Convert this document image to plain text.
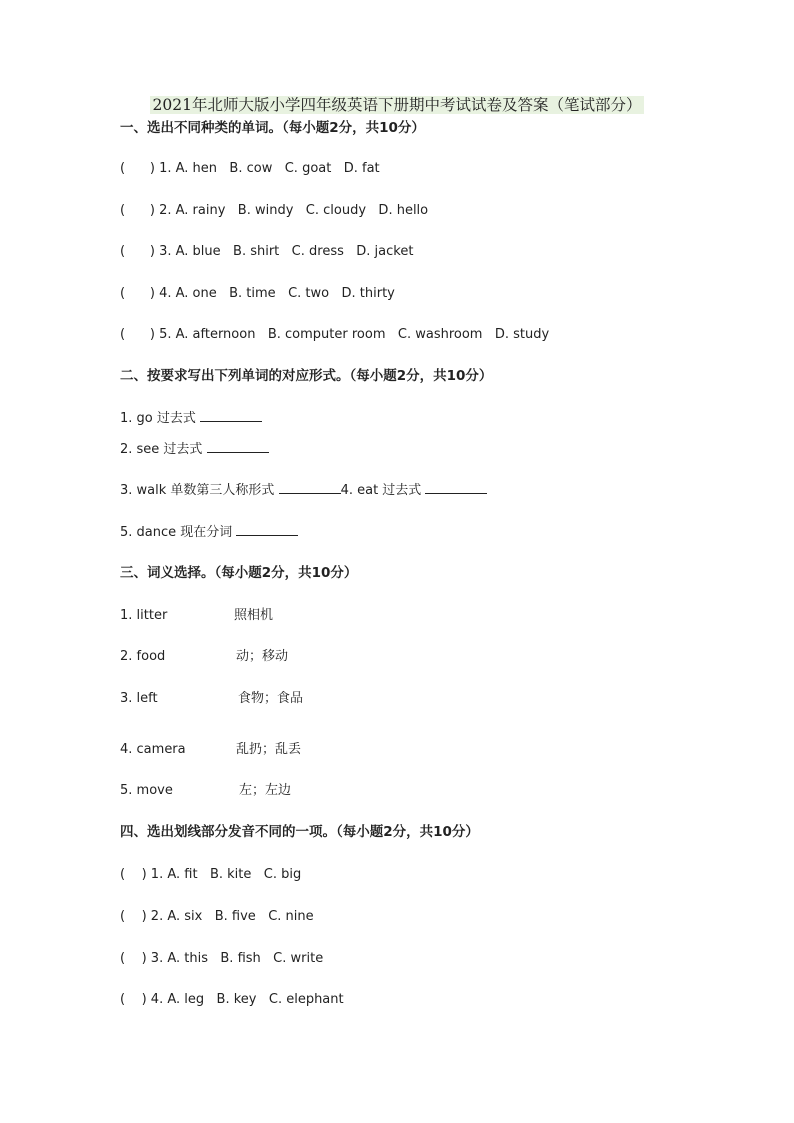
2021年北师大版小学四年级英语下册期中考试试卷及答案（笔试部分）
一、选出不同种类的单词。（每小题2分，共10分）
(      ) 1. A. hen   B. cow   C. goat   D. fat
(      ) 2. A. rainy   B. windy   C. cloudy   D. hello
(      ) 3. A. blue   B. shirt   C. dress   D. jacket
(      ) 4. A. one   B. time   C. two   D. thirty
(      ) 5. A. afternoon   B. computer room   C. washroom   D. study
二、按要求写出下列单词的对应形式。（每小题2分，共10分）
1. go 过去式
2. see 过去式
3. walk 单数第三人称形式	4. eat 过去式
5. dance 现在分词
三、词义选择。（每小题2分，共10分）
1. litter	照相机
2. food	动；移动
3. left	食物；食品
4. camera	乱扔；乱丢
5. move	左；左边
四、选出划线部分发音不同的一项。（每小题2分，共10分）
(    ) 1. A. fit   B. kite   C. big
(    ) 2. A. six   B. five   C. nine
(    ) 3. A. this   B. fish   C. write
(    ) 4. A. leg   B. key   C. elephant
